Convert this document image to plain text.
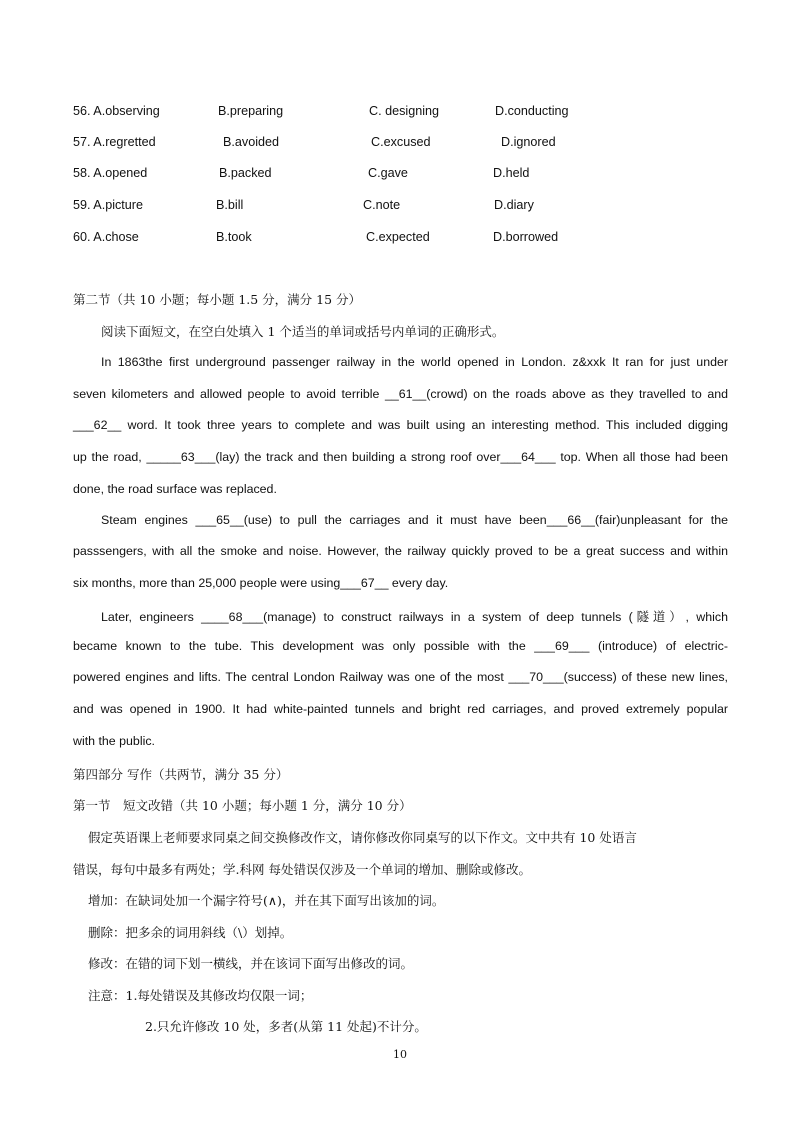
56. A.observing	B.preparing	C. designing	D.conducting
57. A.regretted	B.avoided	C.excused	D.ignored
58. A.opened	B.packed	C.gave	D.held
59. A.picture	B.bill	C.note	D.diary
60. A.chose	B.took	C.expected	D.borrowed
第二节（共 10 小题；每小题 1.5 分，满分 15 分）
阅读下面短文，在空白处填入 1 个适当的单词或括号内单词的正确形式。
In 1863the first underground passenger railway in the world opened in London. z&xxk It ran for just under
seven kilometers and allowed people to avoid terrible __61__(crowd) on the roads above as they travelled to and
___62__ word. It took three years to complete and was built using an interesting method. This included digging
up the road, _____63___(lay) the track and then building a strong roof over___64___ top. When all those had been
done, the road surface was replaced.
Steam engines ___65__(use) to pull the carriages and it must have been___66__(fair)unpleasant for the
passsengers, with all the smoke and noise. However, the railway quickly proved to be a great success and within
six months, more than 25,000 people were using___67__ every day.
Later, engineers ____68___(manage) to construct railways in a system of deep tunnels (隧道）, which
became known to the tube. This development was only possible with the ___69___ (introduce) of electric-
powered engines and lifts. The central London Railway was one of the most ___70___(success) of these new lines,
and was opened in 1900. It had white-painted tunnels and bright red carriages, and proved extremely popular
with the public.
第四部分 写作（共两节，满分 35 分）
第一节　短文改错（共 10 小题；每小题 1 分，满分 10 分）
假定英语课上老师要求同桌之间交换修改作文，请你修改你同桌写的以下作文。文中共有 10 处语言
错误，每句中最多有两处；学.科网 每处错误仅涉及一个单词的增加、删除或修改。
增加：在缺词处加一个漏字符号(∧)，并在其下面写出该加的词。
删除：把多余的词用斜线（\）划掉。
修改：在错的词下划一横线，并在该词下面写出修改的词。
注意：1.每处错误及其修改均仅限一词；
2.只允许修改 10 处，多者(从第 11 处起)不计分。
10
